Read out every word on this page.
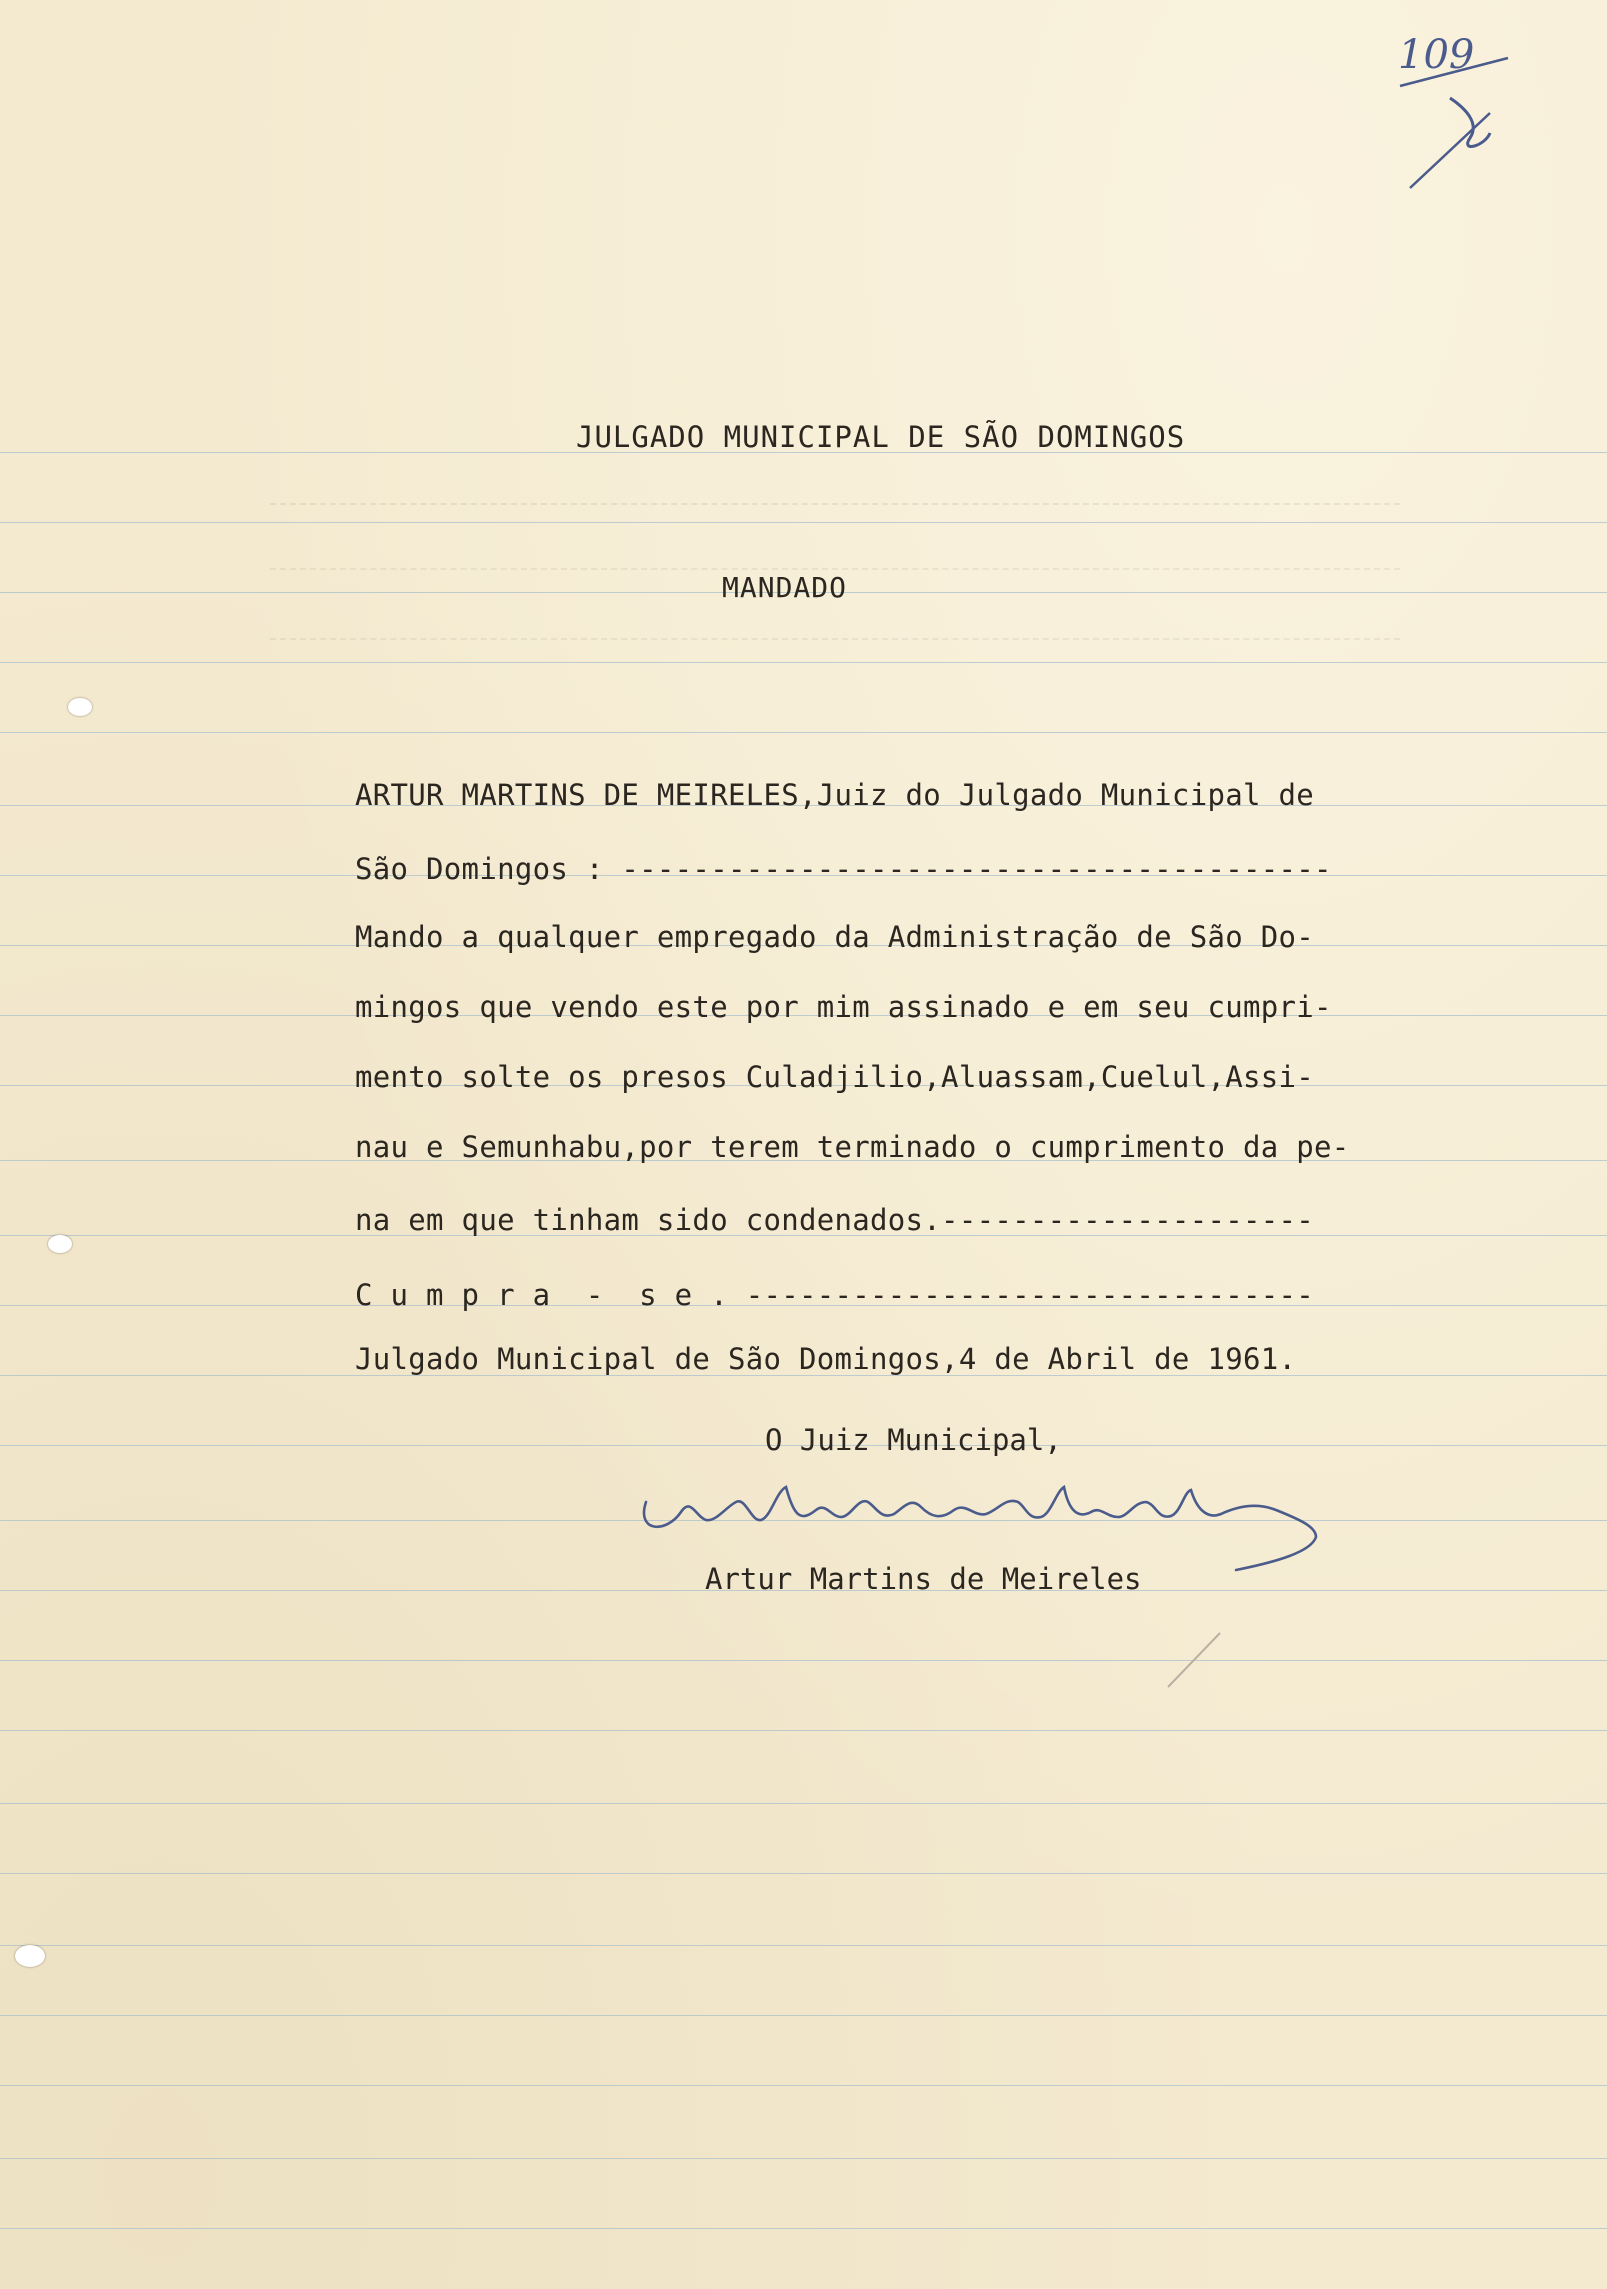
109
JULGADO MUNICIPAL DE SÃO DOMINGOS
MANDADO
ARTUR MARTINS DE MEIRELES,Juiz do Julgado Municipal de
São Domingos : ----------------------------------------
Mando a qualquer empregado da Administração de São Do-
mingos que vendo este por mim assinado e em seu cumpri-
mento solte os presos Culadjilio,Aluassam,Cuelul,Assi-
nau e Semunhabu,por terem terminado o cumprimento da pe-
na em que tinham sido condenados.---------------------
C u m p r a  -  s e . --------------------------------
Julgado Municipal de São Domingos,4 de Abril de 1961.
O Juiz Municipal,
Artur Martins de Meireles
